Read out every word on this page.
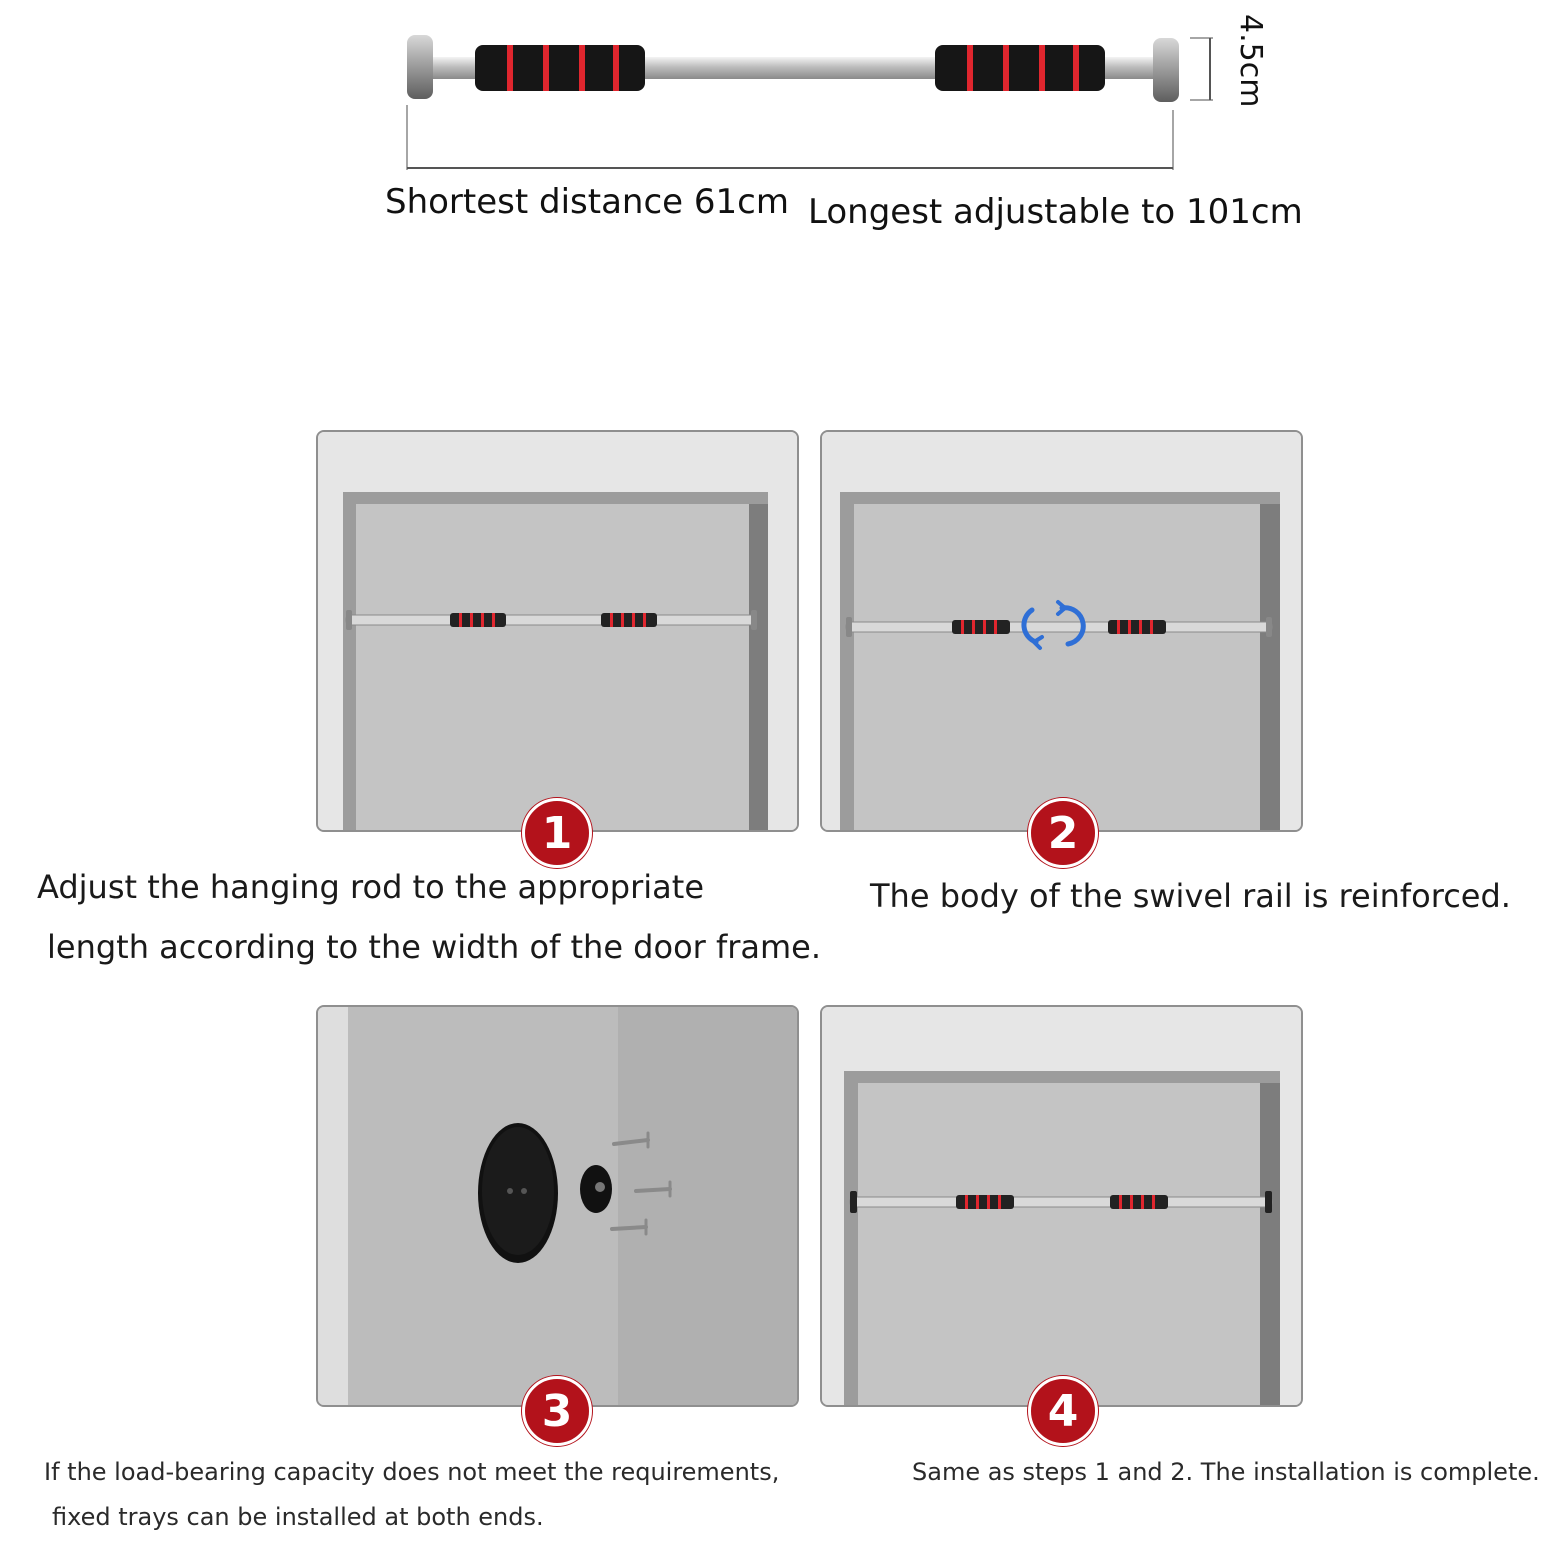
4.5cm
Shortest distance 61cm Longest adjustable to 101cm
1
Adjust the hanging rod to the appropriate
length according to the width of the door frame.
2
The body of the swivel rail is reinforced.
3
If the load-bearing capacity does not meet the requirements,
fixed trays can be installed at both ends.
4
Same as steps 1 and 2. The installation is complete.
